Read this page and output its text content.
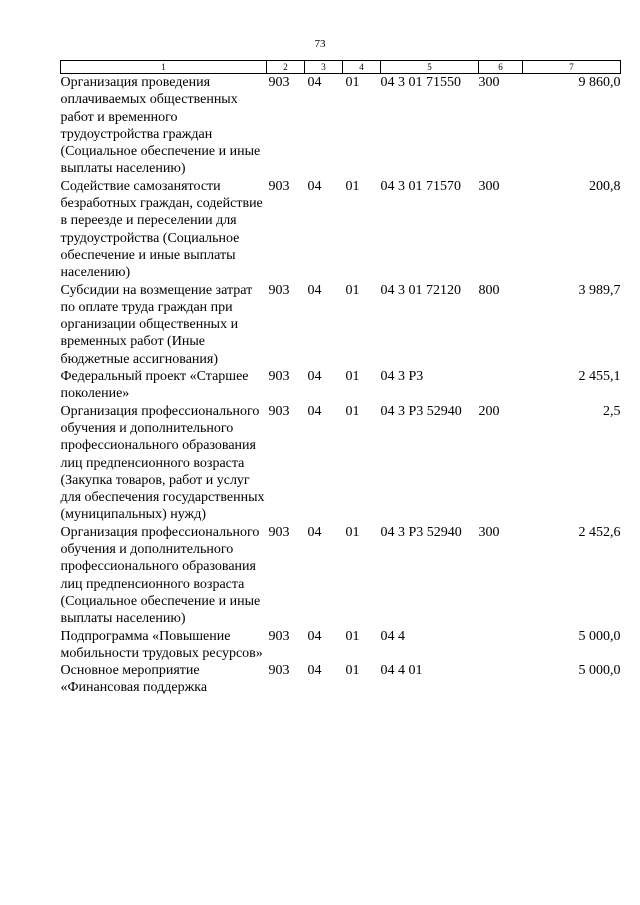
73
1	2	3	4	5	6	7
Организация проведения оплачиваемых общественных работ и временного трудоустройства граждан (Социальное обеспечение и иные выплаты населению)	903	04	01	04 3 01 71550	300	9 860,0
Содействие самозанятости безработных граждан, содействие в переезде и переселении для трудоустройства (Социальное обеспечение и иные выплаты населению)	903	04	01	04 3 01 71570	300	200,8
Субсидии на возмещение затрат по оплате труда граждан при организации общественных и временных работ (Иные бюджетные ассигнования)	903	04	01	04 3 01 72120	800	3 989,7
Федеральный проект «Старшее поколение»	903	04	01	04 3 P3		2 455,1
Организация профессионального обучения и дополнительного профессионального образования лиц предпенсионного возраста (Закупка товаров, работ и услуг для обеспечения государственных (муниципальных) нужд)	903	04	01	04 3 P3 52940	200	2,5
Организация профессионального обучения и дополнительного профессионального образования лиц предпенсионного возраста (Социальное обеспечение и иные выплаты населению)	903	04	01	04 3 P3 52940	300	2 452,6
Подпрограмма «Повышение мобильности трудовых ресурсов»	903	04	01	04 4		5 000,0
Основное мероприятие «Финансовая поддержка	903	04	01	04 4 01		5 000,0
